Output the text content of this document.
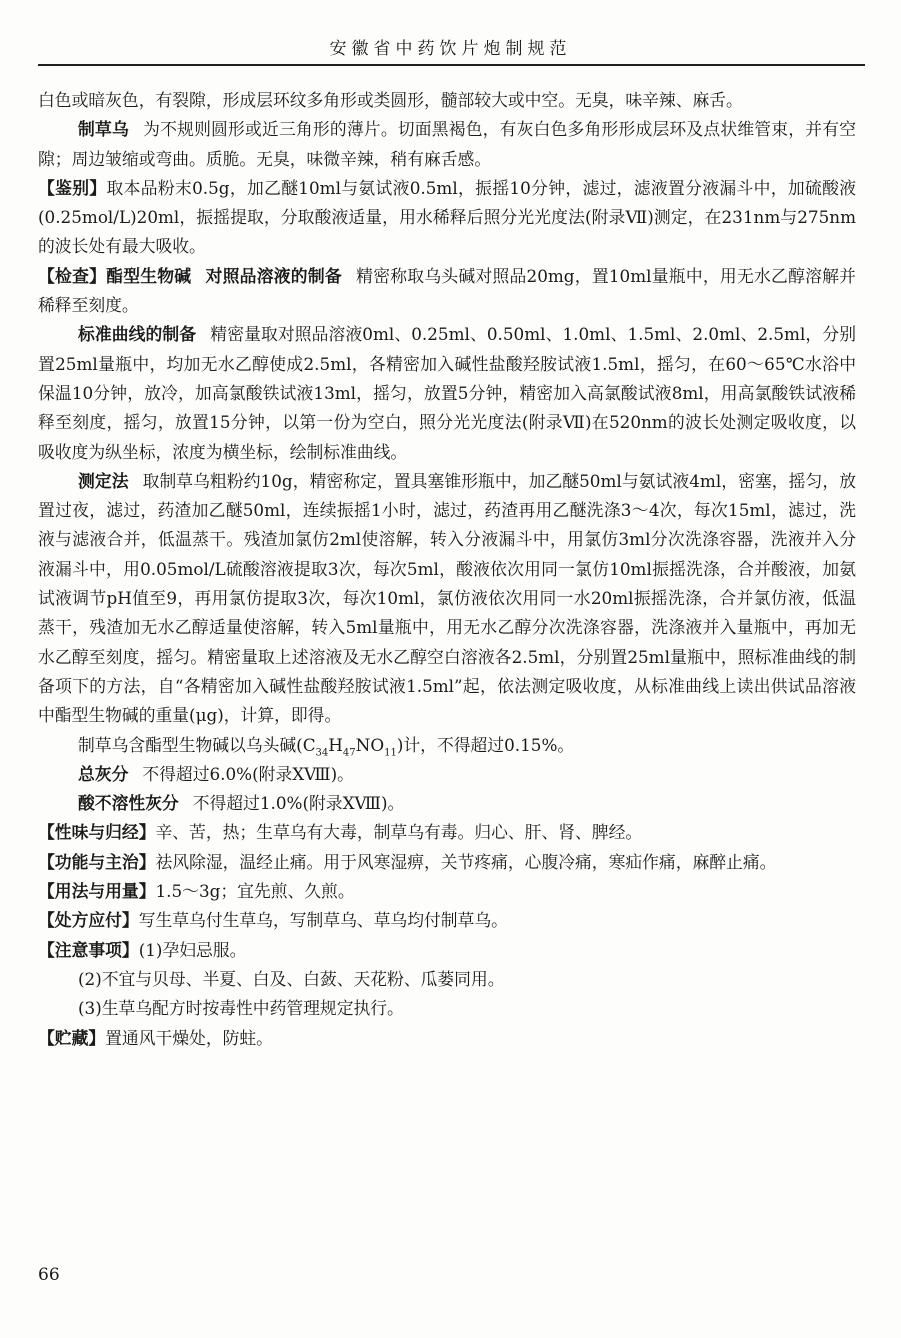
安徽省中药饮片炮制规范

白色或暗灰色，有裂隙，形成层环纹多角形或类圆形，髓部较大或中空。无臭，味辛辣、麻舌。

制草乌 为不规则圆形或近三角形的薄片。切面黑褐色，有灰白色多角形形成层环及点状维管束，并有空隙；周边皱缩或弯曲。质脆。无臭，味微辛辣，稍有麻舌感。

【鉴别】取本品粉末0.5g，加乙醚10ml与氨试液0.5ml，振摇10分钟，滤过，滤液置分液漏斗中，加硫酸液(0.25mol/L)20ml，振摇提取，分取酸液适量，用水稀释后照分光光度法(附录Ⅶ)测定，在231nm与275nm的波长处有最大吸收。

【检查】酯型生物碱 对照品溶液的制备 精密称取乌头碱对照品20mg，置10ml量瓶中，用无水乙醇溶解并稀释至刻度。

标准曲线的制备 精密量取对照品溶液0ml、0.25ml、0.50ml、1.0ml、1.5ml、2.0ml、2.5ml，分别置25ml量瓶中，均加无水乙醇使成2.5ml，各精密加入碱性盐酸羟胺试液1.5ml，摇匀，在60～65℃水浴中保温10分钟，放冷，加高氯酸铁试液13ml，摇匀，放置5分钟，精密加入高氯酸试液8ml，用高氯酸铁试液稀释至刻度，摇匀，放置15分钟，以第一份为空白，照分光光度法(附录Ⅶ)在520nm的波长处测定吸收度，以吸收度为纵坐标，浓度为横坐标，绘制标准曲线。

测定法 取制草乌粗粉约10g，精密称定，置具塞锥形瓶中，加乙醚50ml与氨试液4ml，密塞，摇匀，放置过夜，滤过，药渣加乙醚50ml，连续振摇1小时，滤过，药渣再用乙醚洗涤3～4次，每次15ml，滤过，洗液与滤液合并，低温蒸干。残渣加氯仿2ml使溶解，转入分液漏斗中，用氯仿3ml分次洗涤容器，洗液并入分液漏斗中，用0.05mol/L硫酸溶液提取3次，每次5ml，酸液依次用同一氯仿10ml振摇洗涤，合并酸液，加氨试液调节pH值至9，再用氯仿提取3次，每次10ml，氯仿液依次用同一水20ml振摇洗涤，合并氯仿液，低温蒸干，残渣加无水乙醇适量使溶解，转入5ml量瓶中，用无水乙醇分次洗涤容器，洗涤液并入量瓶中，再加无水乙醇至刻度，摇匀。精密量取上述溶液及无水乙醇空白溶液各2.5ml，分别置25ml量瓶中，照标准曲线的制备项下的方法，自“各精密加入碱性盐酸羟胺试液1.5ml”起，依法测定吸收度，从标准曲线上读出供试品溶液中酯型生物碱的重量(μg)，计算，即得。

制草乌含酯型生物碱以乌头碱$(C_{34}H_{47}NO_{11})$计，不得超过0.15%。

总灰分 不得超过6.0%(附录ⅩⅧ)。

酸不溶性灰分 不得超过1.0%(附录ⅩⅧ)。

【性味与归经】辛、苦，热；生草乌有大毒，制草乌有毒。归心、肝、肾、脾经。

【功能与主治】祛风除湿，温经止痛。用于风寒湿痹，关节疼痛，心腹冷痛，寒疝作痛，麻醉止痛。

【用法与用量】1.5～3g；宜先煎、久煎。

【处方应付】写生草乌付生草乌，写制草乌、草乌均付制草乌。

【注意事项】(1)孕妇忌服。

(2)不宜与贝母、半夏、白及、白蔹、天花粉、瓜蒌同用。

(3)生草乌配方时按毒性中药管理规定执行。

【贮藏】置通风干燥处，防蛀。

66
